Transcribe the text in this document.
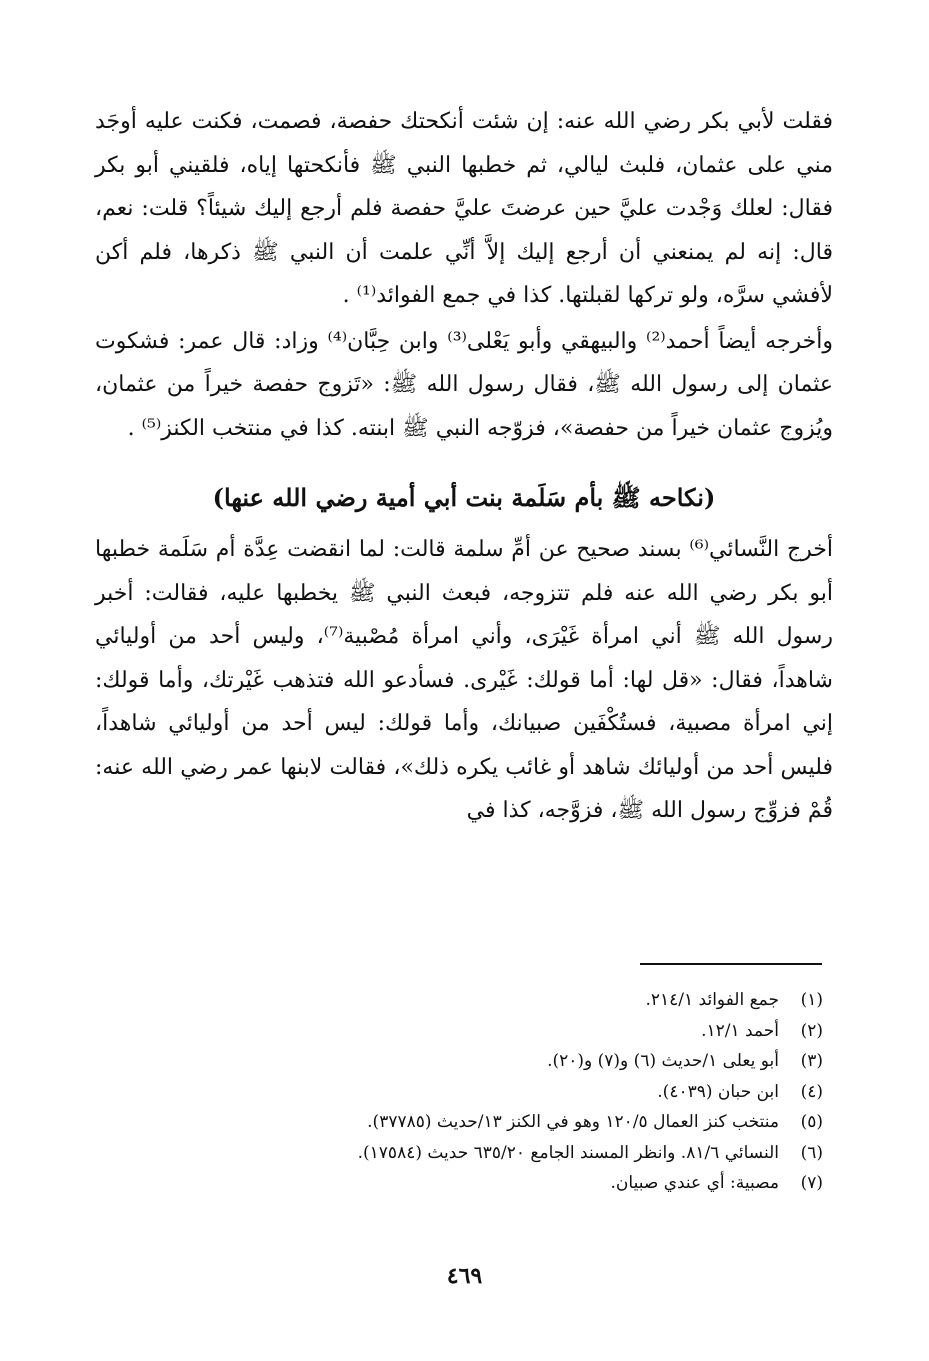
فقلت لأبي بكر رضي الله عنه: إن شئت أنكحتك حفصة، فصمت، فكنت عليه أوجَد مني على عثمان، فلبث ليالي، ثم خطبها النبي ﷺ فأنكحتها إياه، فلقيني أبو بكر فقال: لعلك وَجْدت عليَّ حين عرضتَ عليَّ حفصة فلم أرجع إليك شيئاً؟ قلت: نعم، قال: إنه لم يمنعني أن أرجع إليك إلاَّ أنِّي علمت أن النبي ﷺ ذكرها، فلم أكن لأفشي سرَّه، ولو تركها لقبلتها. كذا في جمع الفوائد⁽¹⁾ .

وأخرجه أيضاً أحمد⁽²⁾ والبيهقي وأبو يَعْلى⁽³⁾ وابن حِبَّان⁽⁴⁾ وزاد: قال عمر: فشكوت عثمان إلى رسول الله ﷺ، فقال رسول الله ﷺ: «تَزوج حفصة خيراً من عثمان، ويُزوج عثمان خيراً من حفصة»، فزوّجه النبي ﷺ ابنته. كذا في منتخب الكنز⁽⁵⁾ .

(نكاحه ﷺ بأم سَلَمة بنت أبي أمية رضي الله عنها)

أخرج النَّسائي⁽⁶⁾ بسند صحيح عن أمِّ سلمة قالت: لما انقضت عِدَّة أم سَلَمة خطبها أبو بكر رضي الله عنه فلم تتزوجه، فبعث النبي ﷺ يخطبها عليه، فقالت: أخبر رسول الله ﷺ أني امرأة غَيْرَى، وأني امرأة مُصْبية⁽⁷⁾، وليس أحد من أوليائي شاهداً، فقال: «قل لها: أما قولك: غَيْرى. فسأدعو الله فتذهب غَيْرتك، وأما قولك: إني امرأة مصبية، فستُكْفَين صبيانك، وأما قولك: ليس أحد من أوليائي شاهداً، فليس أحد من أوليائك شاهد أو غائب يكره ذلك»، فقالت لابنها عمر رضي الله عنه: قُمْ فزوِّج رسول الله ﷺ، فزوَّجه، كذا في

(١)
جمع الفوائد ٢١٤/١.
(٢)
أحمد ١٢/١.
(٣)
أبو يعلى ١/حديث (٦) و(٧) و(٢٠).
(٤)
ابن حبان (٤٠٣٩).
(٥)
منتخب كنز العمال ١٢٠/٥ وهو في الكنز ١٣/حديث (٣٧٧٨٥).
(٦)
النسائي ٨١/٦. وانظر المسند الجامع ٦٣٥/٢٠ حديث (١٧٥٨٤).
(٧)
مصبية: أي عندي صبيان.
٤٦٩
